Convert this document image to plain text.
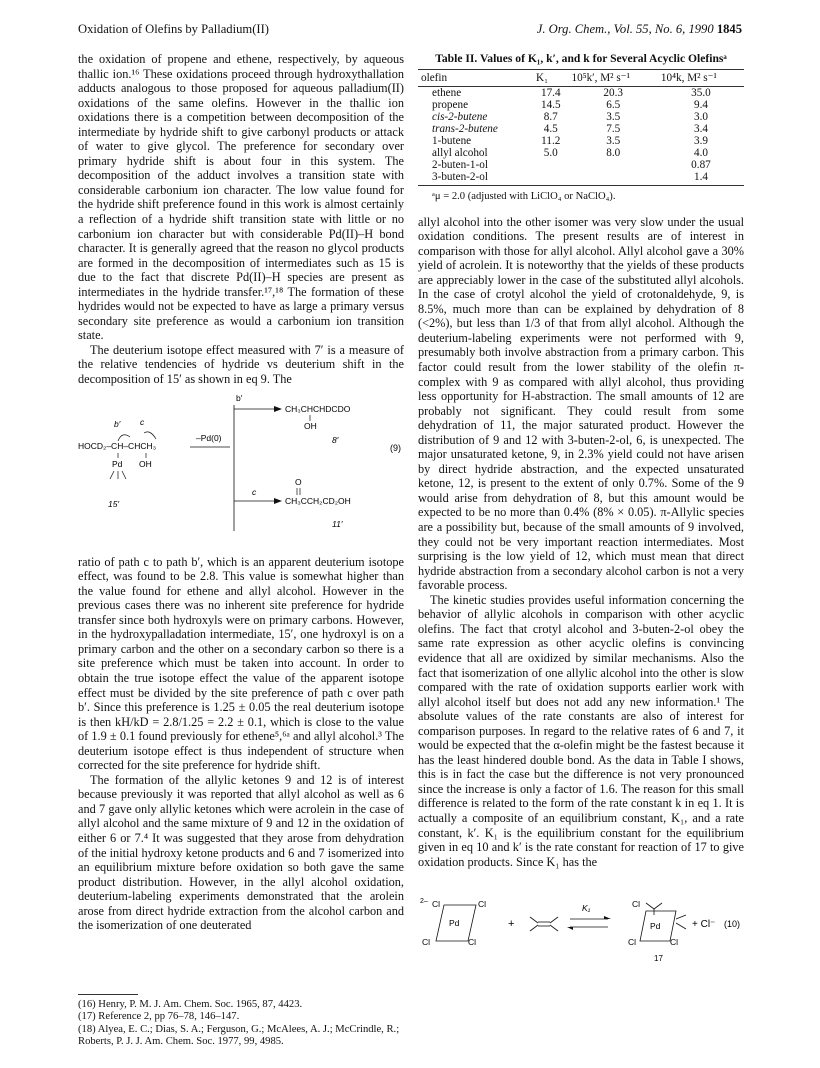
Oxidation of Olefins by Palladium(II)	J. Org. Chem., Vol. 55, No. 6, 1990 1845

the oxidation of propene and ethene, respectively, by aqueous thallic ion.¹⁶ These oxidations proceed through hydroxythallation adducts analogous to those proposed for aqueous palladium(II) oxidations of the same olefins. However in the thallic ion oxidations there is a competition between decomposition of the intermediate by hydride shift to give carbonyl products or attack of water to give glycol. The preference for secondary over primary hydride shift is about four in this system. The decomposition of the adduct involves a transition state with considerable carbonium ion character. The low value found for the hydride shift preference found in this work is almost certainly a reflection of a hydride shift transition state with little or no carbonium ion character but with considerable Pd(II)–H bond character. It is generally agreed that the reason no glycol products are formed in the decomposition of intermediates such as 15 is due to the fact that discrete Pd(II)–H species are present as intermediates in the hydride transfer.¹⁷,¹⁸ The formation of these hydrides would not be expected to have as large a primary versus secondary site preference as would a carbonium ion transition state.

The deuterium isotope effect measured with 7′ is a measure of the relative tendencies of hydride vs deuterium shift in the decomposition of 15′ as shown in eq 9. The

b′
CH₃CHCHDCDO
OH
8′
(9)
b′ c
HOCD₂–CH–CHCH₃
–Pd(0)
Pd OH
15′
c
O
CH₃CCH₂CD₂OH
11′

ratio of path c to path b′, which is an apparent deuterium isotope effect, was found to be 2.8. This value is somewhat higher than the value found for ethene and allyl alcohol. However in the previous cases there was no inherent site preference for hydride transfer since both hydroxyls were on primary carbons. However, in the hydroxypalladation intermediate, 15′, one hydroxyl is on a primary carbon and the other on a secondary carbon so there is a site preference which must be taken into account. In order to obtain the true isotope effect the value of the apparent isotope effect must be divided by the site preference of path c over path b′. Since this preference is 1.25 ± 0.05 the real deuterium isotope is then kH/kD = 2.8/1.25 = 2.2 ± 0.1, which is close to the value of 1.9 ± 0.1 found previously for ethene⁵,⁶ᵃ and allyl alcohol.³ The deuterium isotope effect is thus independent of structure when corrected for the site preference for hydride shift.

The formation of the allylic ketones 9 and 12 is of interest because previously it was reported that allyl alcohol as well as 6 and 7 gave only allylic ketones which were acrolein in the case of allyl alcohol and the same mixture of 9 and 12 in the oxidation of either 6 or 7.⁴ It was suggested that they arose from dehydration of the initial hydroxy ketone products and 6 and 7 isomerized into an equilibrium mixture before oxidation so both gave the same product distribution. However, in the allyl alcohol oxidation, deuterium-labeling experiments demonstrated that the arolein arose from direct hydride extraction from the alcohol carbon and the isomerization of one deuterated

(16) Henry, P. M. J. Am. Chem. Soc. 1965, 87, 4423.
(17) Reference 2, pp 76–78, 146–147.
(18) Alyea, E. C.; Dias, S. A.; Ferguson, G.; McAlees, A. J.; McCrindle, R.; Roberts, P. J. J. Am. Chem. Soc. 1977, 99, 4985.
Table II. Values of K₁, k′, and k for Several Acyclic Olefinsᵃ
olefin	K₁	10⁵k′, M² s⁻¹	10⁴k, M² s⁻¹
ethene	17.4	20.3	35.0
propene	14.5	6.5	9.4
cis-2-butene	8.7	3.5	3.0
trans-2-butene	4.5	7.5	3.4
1-butene	11.2	3.5	3.9
allyl alcohol	5.0	8.0	4.0
2-buten-1-ol			0.87
3-buten-2-ol			1.4
ᵃμ = 2.0 (adjusted with LiClO₄ or NaClO₄).

allyl alcohol into the other isomer was very slow under the usual oxidation conditions. The present results are of interest in comparison with those for allyl alcohol. Allyl alcohol gave a 30% yield of acrolein. It is noteworthy that the yields of these products are appreciably lower in the case of the substituted allyl alcohols. In the case of crotyl alcohol the yield of crotonaldehyde, 9, is 8.5%, much more than can be explained by dehydration of 8 (<2%), but less than 1/3 of that from allyl alcohol. Although the deuterium-labeling experiments were not performed with 9, presumably both involve abstraction from a primary carbon. This factor could result from the lower stability of the olefin π-complex with 9 as compared with allyl alcohol, thus providing less opportunity for H-abstraction. The small amounts of 12 are probably not significant. They could result from some dehydration of 11, the major saturated product. However the distribution of 9 and 12 with 3-buten-2-ol, 6, is unexpected. The major unsaturated ketone, 9, in 2.3% yield could not have arisen by direct hydride abstraction, and the expected unsaturated ketone, 12, is present to the extent of only 0.7%. Some of the 9 would arise from dehydration of 8, but this amount would be expected to be no more than 0.4% (8% × 0.05). π-Allylic species are a possibility but, because of the small amounts of 9 involved, they could not be very important reaction intermediates. Most surprising is the low yield of 12, which must mean that direct hydride abstraction from a secondary alcohol carbon is not a very favorable process.

The kinetic studies provides useful information concerning the behavior of allylic alcohols in comparison with other acyclic olefins. The fact that crotyl alcohol and 3-buten-2-ol obey the same rate expression as other acyclic olefins is convincing evidence that all are oxidized by similar mechanisms. Also the fact that isomerization of one allylic alcohol into the other is slow compared with the rate of oxidation supports earlier work with allyl alcohol itself but does not add any new information.¹ The absolute values of the rate constants are also of interest for comparison purposes. In regard to the relative rates of 6 and 7, it would be expected that the α-olefin might be the fastest because it has the least hindered double bond. As the data in Table I shows, this is in fact the case but the difference is not very pronounced since the increase is only a factor of 1.6. The reason for this small difference is related to the form of the rate constant k in eq 1. It is actually a composite of an equilibrium constant, K₁, and a rate constant, k′. K₁ is the equilibrium constant for the equilibrium given in eq 10 and k′ is the rate constant for reaction of 17 to give oxidation products. Since K₁ has the

2– Cl	Cl
Cl	Cl
Pd	+
K₁	Cl
Cl	Cl
Pd
17
+ Cl⁻ (10)
